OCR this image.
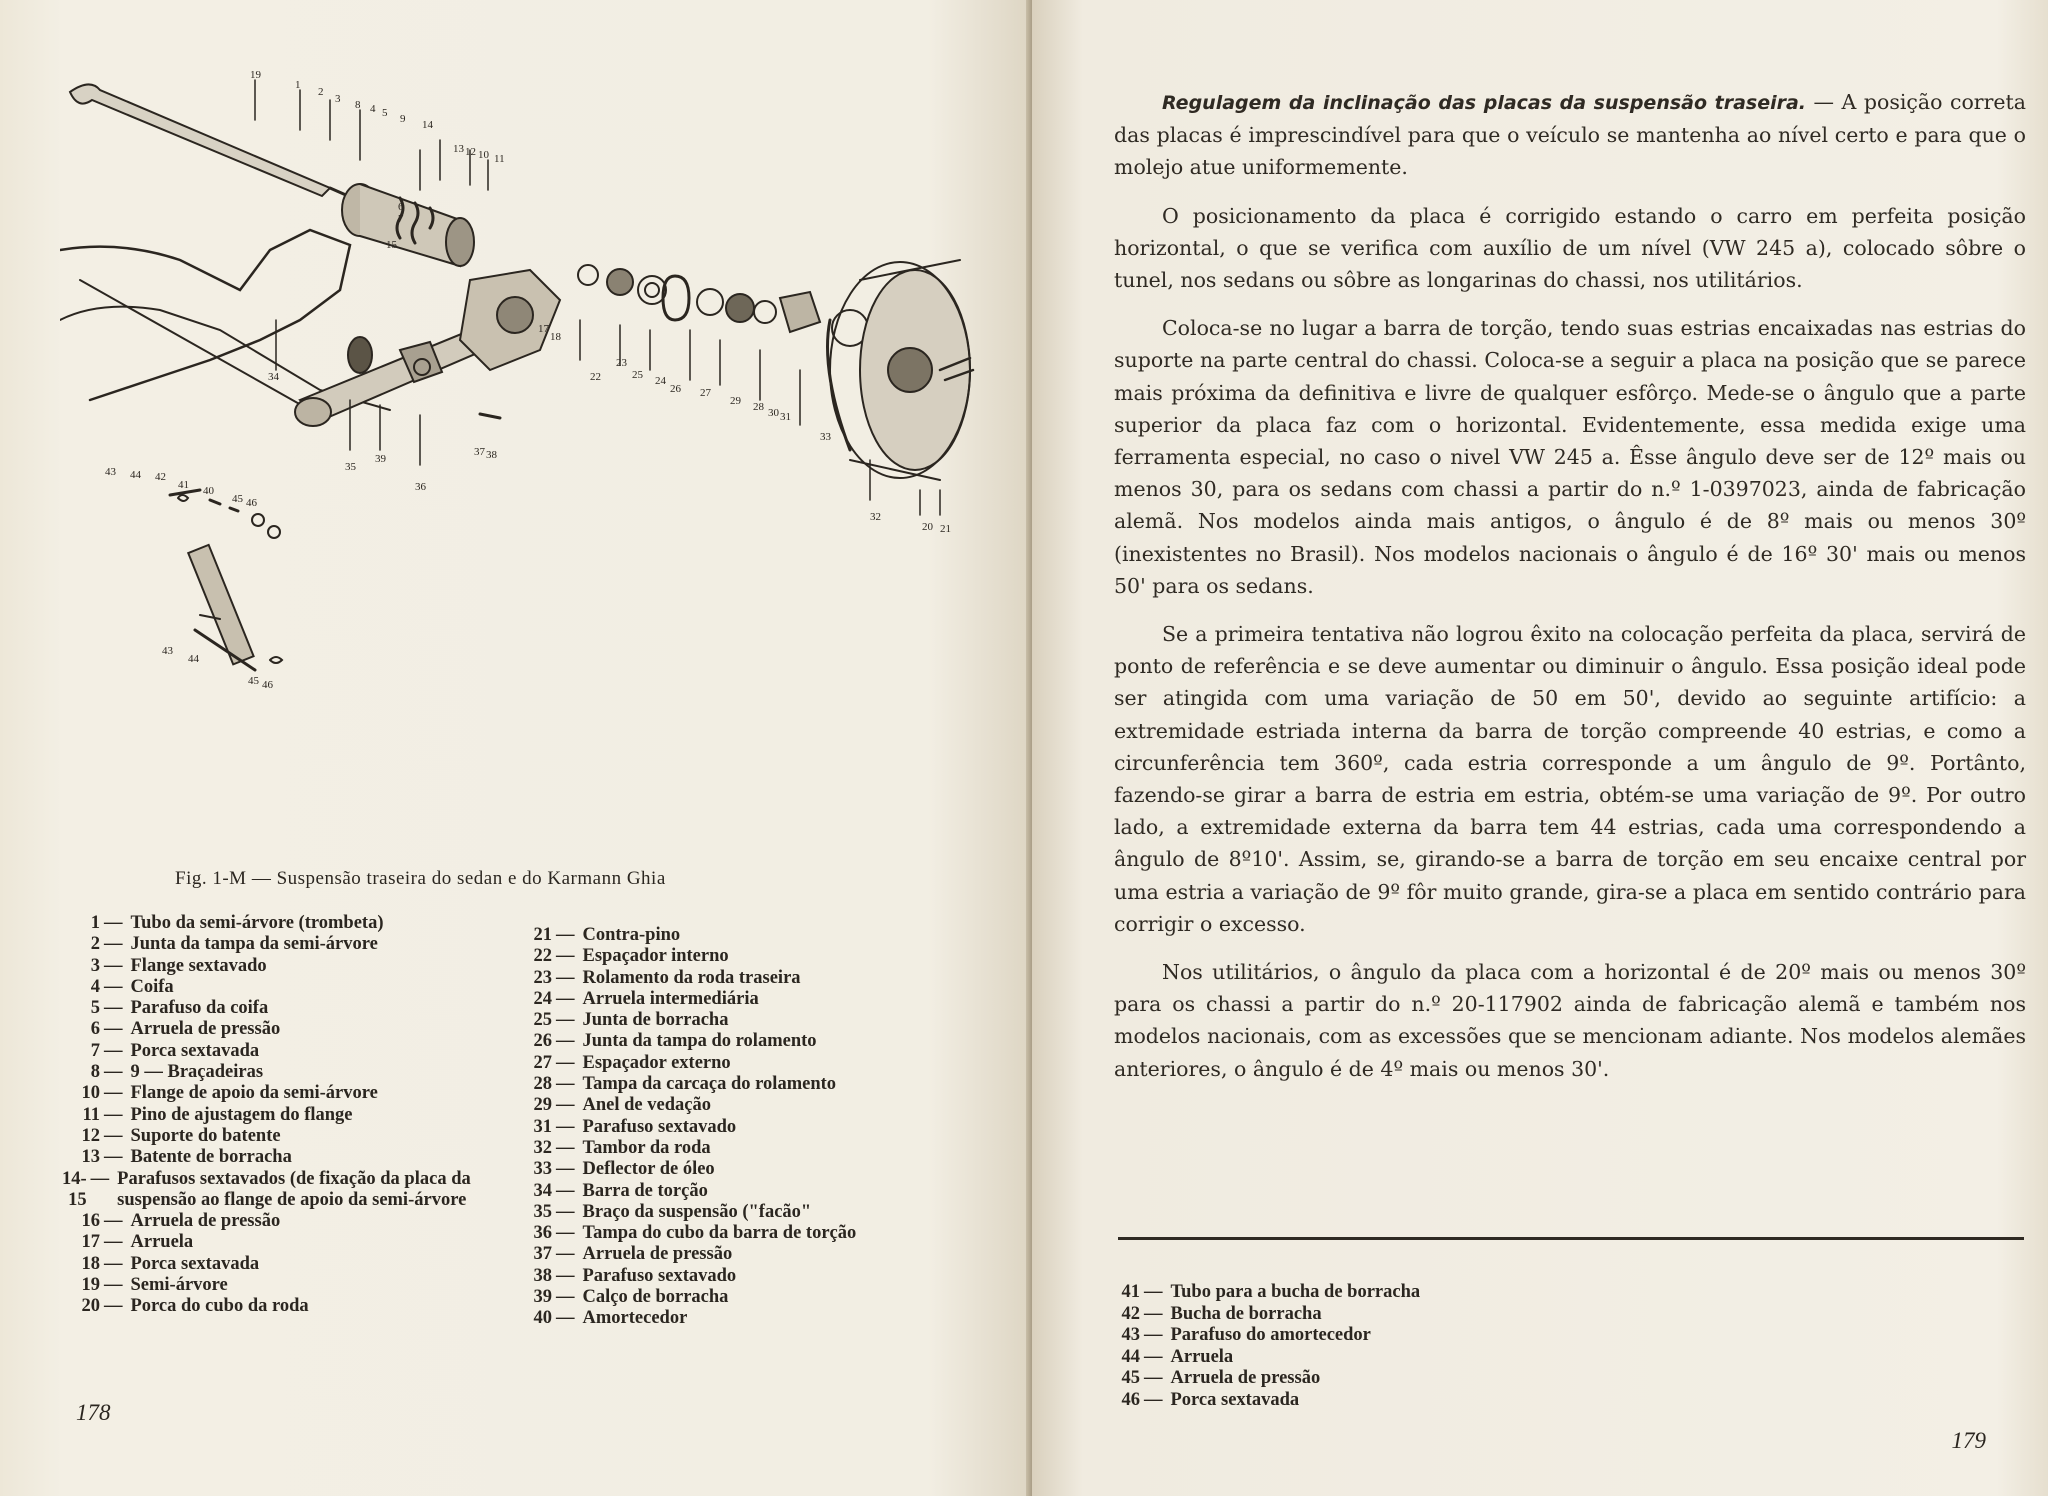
19
1
2
3 8 4 5 9 14
13 12 10 11
6
7
15
17
18
22
23
25 24
26 27
29 28 30 31
33
32
20 21
34
35
39
36
37 38
43 44 42
41 40
45 46
43
44
45 46
Fig. 1-M — Suspensão traseira do sedan e do Karmann Ghia
1 — Tubo da semi-árvore (trombeta)
2 — Junta da tampa da semi-árvore
3 — Flange sextavado
4 — Coifa
5 — Parafuso da coifa
6 — Arruela de pressão
7 — Porca sextavada
8 — 9 — Braçadeiras
10 — Flange de apoio da semi-árvore
11 — Pino de ajustagem do flange
12 — Suporte do batente
13 — Batente de borracha
14-15
— Parafusos sextavados (de fixação da placa da suspensão ao flange de apoio da semi-árvore
16 — Arruela de pressão
17 — Arruela
18 — Porca sextavada
19 — Semi-árvore
20 — Porca do cubo da roda
21 — Contra-pino
22 — Espaçador interno
23 — Rolamento da roda traseira
24 — Arruela intermediária
25 — Junta de borracha
26 — Junta da tampa do rolamento
27 — Espaçador externo
28 — Tampa da carcaça do rolamento
29 — Anel de vedação
31 — Parafuso sextavado
32 — Tambor da roda
33 — Deflector de óleo
34 — Barra de torção
35 — Braço da suspensão ("facão"
36 — Tampa do cubo da barra de torção
37 — Arruela de pressão
38 — Parafuso sextavado
39 — Calço de borracha
40 — Amortecedor
178

Regulagem da inclinação das placas da suspensão traseira. — A posição correta das placas é imprescindível para que o veículo se mantenha ao nível certo e para que o molejo atue uniformemente.

O posicionamento da placa é corrigido estando o carro em perfeita posição horizontal, o que se verifica com auxílio de um nível (VW 245 a), colocado sôbre o tunel, nos sedans ou sôbre as longarinas do chassi, nos utilitários.

Coloca-se no lugar a barra de torção, tendo suas estrias encaixadas nas estrias do suporte na parte central do chassi. Coloca-se a seguir a placa na posição que se parece mais próxima da definitiva e livre de qualquer esfôrço. Mede-se o ângulo que a parte superior da placa faz com o horizontal. Evidentemente, essa medida exige uma ferramenta especial, no caso o nivel VW 245 a. Êsse ângulo deve ser de 12º mais ou menos 30, para os sedans com chassi a partir do n.º 1-0397023, ainda de fabricação alemã. Nos modelos ainda mais antigos, o ângulo é de 8º mais ou menos 30º (inexistentes no Brasil). Nos modelos nacionais o ângulo é de 16º 30' mais ou menos 50' para os sedans.

Se a primeira tentativa não logrou êxito na colocação perfeita da placa, servirá de ponto de referência e se deve aumentar ou diminuir o ângulo. Essa posição ideal pode ser atingida com uma variação de 50 em 50', devido ao seguinte artifício: a extremidade estriada interna da barra de torção compreende 40 estrias, e como a circunferência tem 360º, cada estria corresponde a um ângulo de 9º. Portânto, fazendo-se girar a barra de estria em estria, obtém-se uma variação de 9º. Por outro lado, a extremidade externa da barra tem 44 estrias, cada uma correspondendo a ângulo de 8º10'. Assim, se, girando-se a barra de torção em seu encaixe central por uma estria a variação de 9º fôr muito grande, gira-se a placa em sentido contrário para corrigir o excesso.

Nos utilitários, o ângulo da placa com a horizontal é de 20º mais ou menos 30º para os chassi a partir do n.º 20-117902 ainda de fabricação alemã e também nos modelos nacionais, com as excessões que se mencionam adiante. Nos modelos alemães anteriores, o ângulo é de 4º mais ou menos 30'.

41 — Tubo para a bucha de borracha
42 — Bucha de borracha
43 — Parafuso do amortecedor
44 — Arruela
45 — Arruela de pressão
46 — Porca sextavada
179
